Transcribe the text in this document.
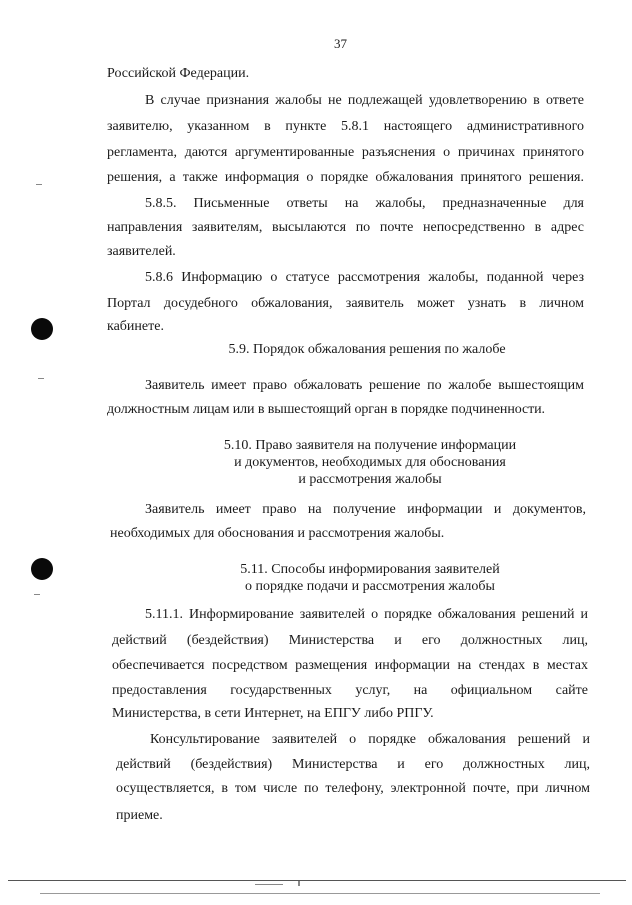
37
Российской Федерации.
В случае признания жалобы не подлежащей удовлетворению в ответе
заявителю, указанном в пункте 5.8.1 настоящего административного
регламента, даются аргументированные разъяснения о причинах принятого
решения, а также информация о порядке обжалования принятого решения.
5.8.5. Письменные ответы на жалобы, предназначенные для
направления заявителям, высылаются по почте непосредственно в адрес
заявителей.
5.8.6 Информацию о статусе рассмотрения жалобы, поданной через
Портал досудебного обжалования, заявитель может узнать в личном
кабинете.
5.9. Порядок обжалования решения по жалобе
Заявитель имеет право обжаловать решение по жалобе вышестоящим
должностным лицам или в вышестоящий орган в порядке подчиненности.
5.10. Право заявителя на получение информации
и документов, необходимых для обоснования
и рассмотрения жалобы
Заявитель имеет право на получение информации и документов,
необходимых для обоснования и рассмотрения жалобы.
5.11. Способы информирования заявителей
о порядке подачи и рассмотрения жалобы
5.11.1. Информирование заявителей о порядке обжалования решений и
действий (бездействия) Министерства и его должностных лиц,
обеспечивается посредством размещения информации на стендах в местах
предоставления государственных услуг, на официальном сайте
Министерства, в сети Интернет, на ЕПГУ либо РПГУ.
Консультирование заявителей о порядке обжалования решений и
действий (бездействия) Министерства и его должностных лиц,
осуществляется, в том числе по телефону, электронной почте, при личном
приеме.
